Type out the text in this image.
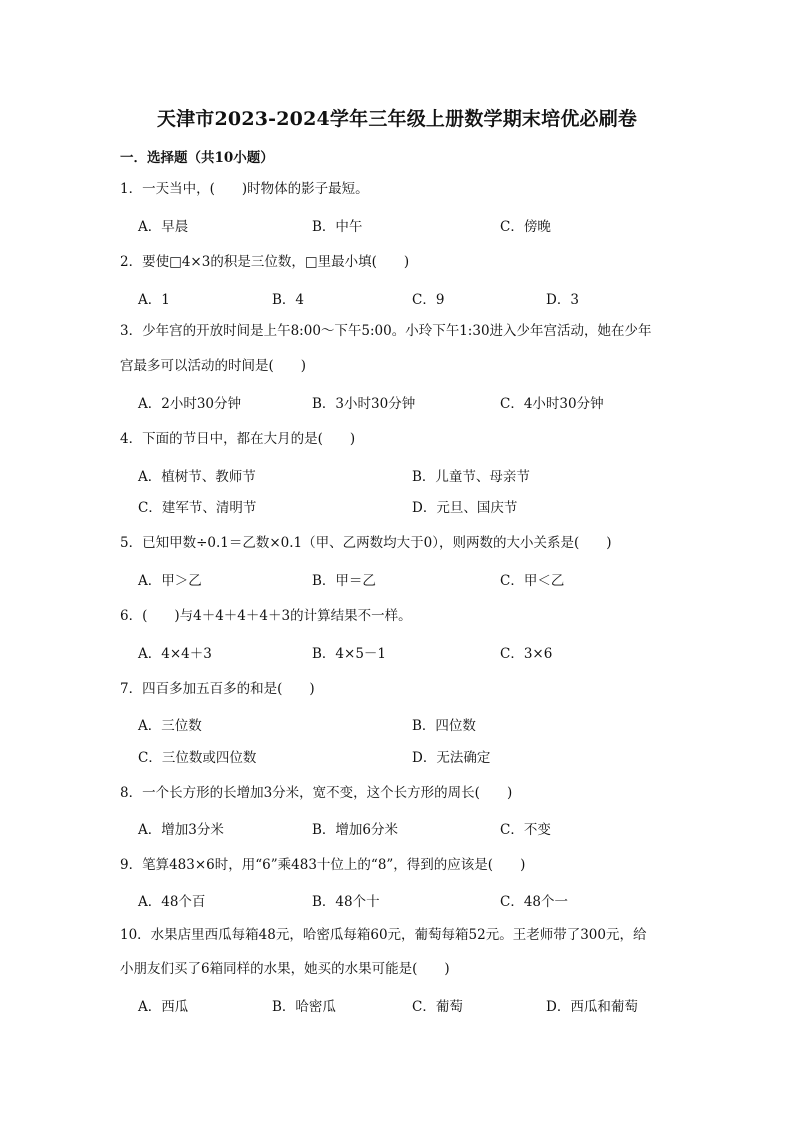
天津市2023-2024学年三年级上册数学期末培优必刷卷
一．选择题（共10小题）
1．一天当中，(　　)时物体的影子最短。
A．早晨	B．中午	C．傍晚
2．要使□4×3的积是三位数，□里最小填(　　)
A．1	B．4	C．9	D．3
3．少年宫的开放时间是上午8:00～下午5:00。小玲下午1:30进入少年宫活动，她在少年
宫最多可以活动的时间是(　　)
A．2小时30分钟	B．3小时30分钟	C．4小时30分钟
4．下面的节日中，都在大月的是(　　)
A．植树节、教师节	B．儿童节、母亲节
C．建军节、清明节	D．元旦、国庆节
5．已知甲数÷0.1＝乙数×0.1（甲、乙两数均大于0），则两数的大小关系是(　　)
A．甲＞乙	B．甲＝乙	C．甲＜乙
6．(　　)与4＋4＋4＋4＋3的计算结果不一样。
A．4×4＋3	B．4×5－1	C．3×6
7．四百多加五百多的和是(　　)
A．三位数	B．四位数
C．三位数或四位数	D．无法确定
8．一个长方形的长增加3分米，宽不变，这个长方形的周长(　　)
A．增加3分米	B．增加6分米	C．不变
9．笔算483×6时，用“6”乘483十位上的“8”，得到的应该是(　　)
A．48个百	B．48个十	C．48个一
10．水果店里西瓜每箱48元，哈密瓜每箱60元，葡萄每箱52元。王老师带了300元，给
小朋友们买了6箱同样的水果，她买的水果可能是(　　)
A．西瓜	B．哈密瓜	C．葡萄	D．西瓜和葡萄
